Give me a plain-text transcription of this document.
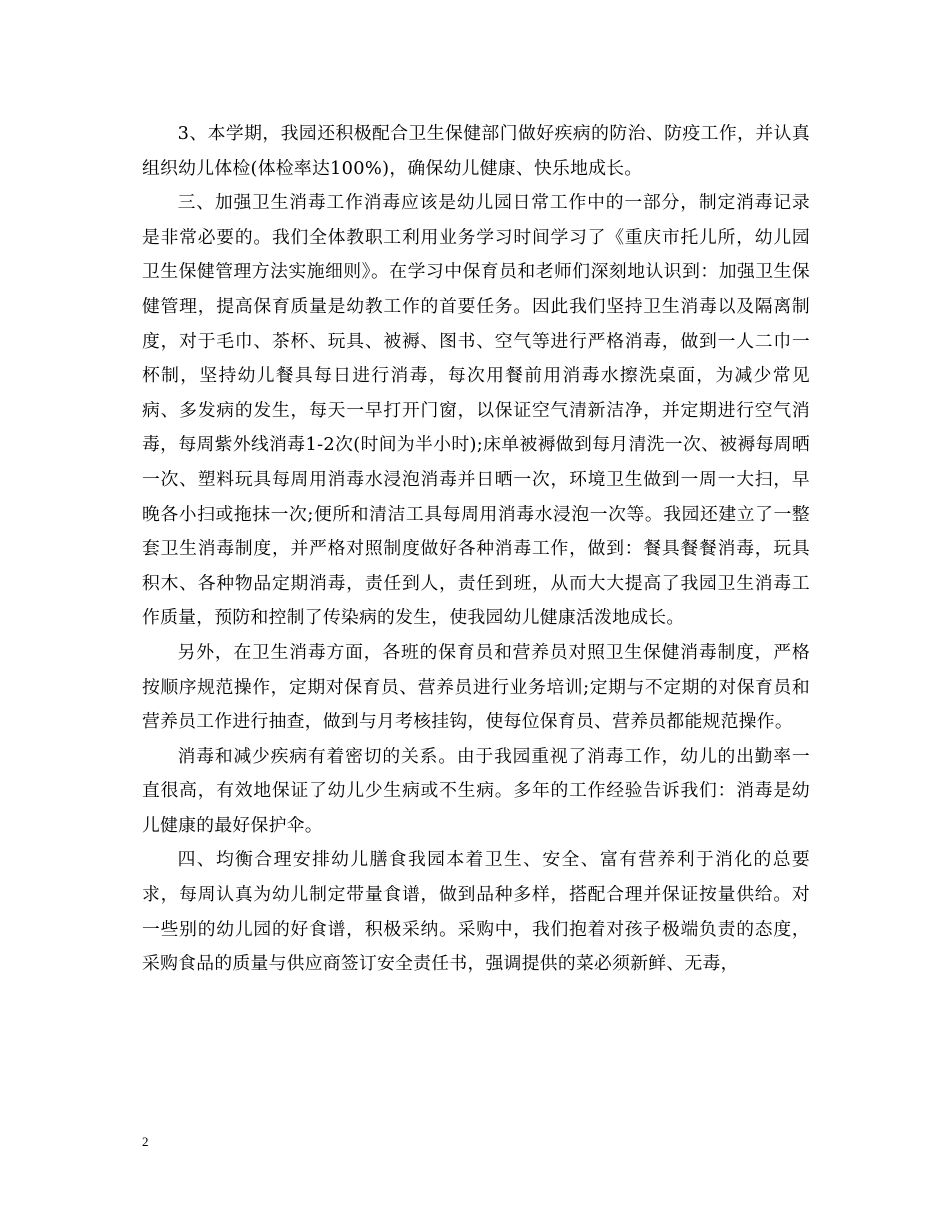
3、本学期，我园还积极配合卫生保健部门做好疾病的防治、防疫工作，并认真组织幼儿体检(体检率达100%)，确保幼儿健康、快乐地成长。

三、加强卫生消毒工作消毒应该是幼儿园日常工作中的一部分，制定消毒记录是非常必要的。我们全体教职工利用业务学习时间学习了《重庆市托儿所，幼儿园卫生保健管理方法实施细则》。在学习中保育员和老师们深刻地认识到：加强卫生保健管理，提高保育质量是幼教工作的首要任务。因此我们坚持卫生消毒以及隔离制度，对于毛巾、茶杯、玩具、被褥、图书、空气等进行严格消毒，做到一人二巾一杯制，坚持幼儿餐具每日进行消毒，每次用餐前用消毒水擦洗桌面，为减少常见病、多发病的发生，每天一早打开门窗，以保证空气清新洁净，并定期进行空气消毒，每周紫外线消毒1-2次(时间为半小时);床单被褥做到每月清洗一次、被褥每周晒一次、塑料玩具每周用消毒水浸泡消毒并日晒一次，环境卫生做到一周一大扫，早晚各小扫或拖抹一次;便所和清洁工具每周用消毒水浸泡一次等。我园还建立了一整套卫生消毒制度，并严格对照制度做好各种消毒工作，做到：餐具餐餐消毒，玩具积木、各种物品定期消毒，责任到人，责任到班，从而大大提高了我园卫生消毒工作质量，预防和控制了传染病的发生，使我园幼儿健康活泼地成长。

另外，在卫生消毒方面，各班的保育员和营养员对照卫生保健消毒制度，严格按顺序规范操作，定期对保育员、营养员进行业务培训;定期与不定期的对保育员和营养员工作进行抽查，做到与月考核挂钩，使每位保育员、营养员都能规范操作。

消毒和减少疾病有着密切的关系。由于我园重视了消毒工作，幼儿的出勤率一直很高，有效地保证了幼儿少生病或不生病。多年的工作经验告诉我们：消毒是幼儿健康的最好保护伞。

四、均衡合理安排幼儿膳食我园本着卫生、安全、富有营养利于消化的总要求，每周认真为幼儿制定带量食谱，做到品种多样，搭配合理并保证按量供给。对一些别的幼儿园的好食谱，积极采纳。采购中，我们抱着对孩子极端负责的态度，采购食品的质量与供应商签订安全责任书，强调提供的菜必须新鲜、无毒，

2
